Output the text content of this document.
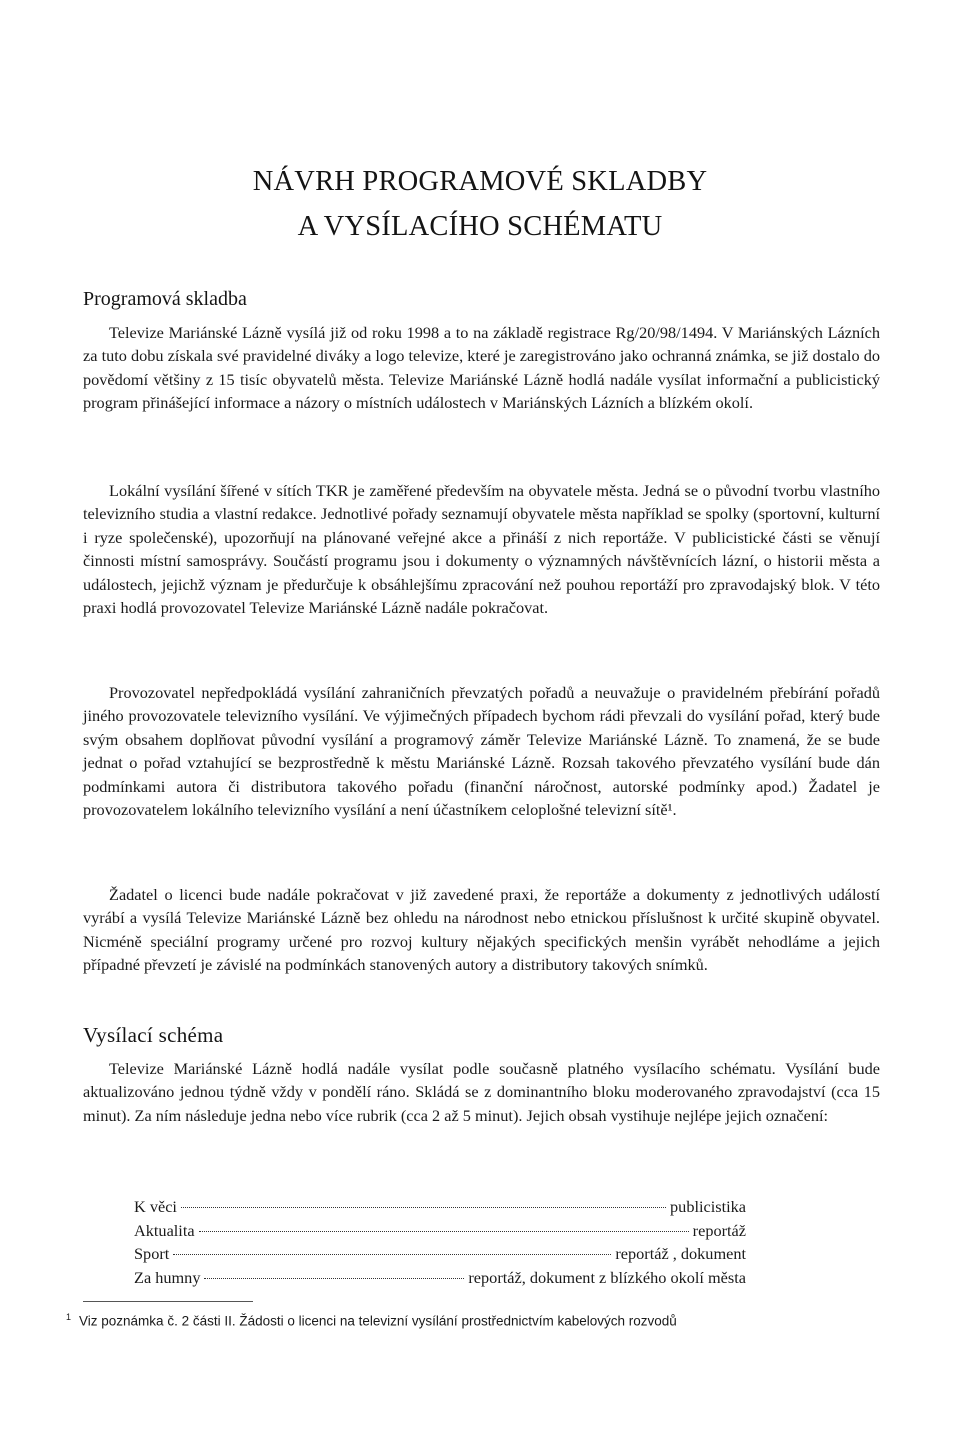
NÁVRH PROGRAMOVÉ SKLADBY
A VYSÍLACÍHO SCHÉMATU
Programová skladba

Televize Mariánské Lázně vysílá již od roku 1998 a to na základě registrace Rg/20/98/1494. V Mariánských Lázních za tuto dobu získala své pravidelné diváky a logo televize, které je zaregistrováno jako ochranná známka, se již dostalo do povědomí většiny z 15 tisíc obyvatelů města. Televize Mariánské Lázně hodlá nadále vysílat informační a publicistický program přinášející informace a názory o místních událostech v Mariánských Lázních a blízkém okolí.

Lokální vysílání šířené v sítích TKR je zaměřené především na obyvatele města. Jedná se o původní tvorbu vlastního televizního studia a vlastní redakce. Jednotlivé pořady seznamují obyvatele města například se spolky (sportovní, kulturní i ryze společenské), upozorňují na plánované veřejné akce a přináší z nich reportáže. V publicistické části se věnují činnosti místní samosprávy. Součástí programu jsou i dokumenty o významných návštěvnících lázní, o historii města a událostech, jejichž význam je předurčuje k obsáhlejšímu zpracování než pouhou reportáží pro zpravodajský blok. V této praxi hodlá provozovatel Televize Mariánské Lázně nadále pokračovat.

Provozovatel nepředpokládá vysílání zahraničních převzatých pořadů a neuvažuje o pravidelném přebírání pořadů jiného provozovatele televizního vysílání. Ve výjimečných případech bychom rádi převzali do vysílání pořad, který bude svým obsahem doplňovat původní vysílání a programový záměr Televize Mariánské Lázně. To znamená, že se bude jednat o pořad vztahující se bezprostředně k městu Mariánské Lázně. Rozsah takového převzatého vysílání bude dán podmínkami autora či distributora takového pořadu (finanční náročnost, autorské podmínky apod.) Žadatel je provozovatelem lokálního televizního vysílání a není účastníkem celoplošné televizní sítě¹.

Žadatel o licenci bude nadále pokračovat v již zavedené praxi, že reportáže a dokumenty z jednotlivých událostí vyrábí a vysílá Televize Mariánské Lázně bez ohledu na národnost nebo etnickou příslušnost k určité skupině obyvatel. Nicméně speciální programy určené pro rozvoj kultury nějakých specifických menšin vyrábět nehodláme a jejich případné převzetí je závislé na podmínkách stanovených autory a distributory takových snímků.

Vysílací schéma

Televize Mariánské Lázně hodlá nadále vysílat podle současně platného vysílacího schématu. Vysílání bude aktualizováno jednou týdně vždy v pondělí ráno. Skládá se z dominantního bloku moderovaného zpravodajství (cca 15 minut). Za ním následuje jedna nebo více rubrik (cca 2 až 5 minut). Jejich obsah vystihuje nejlépe jejich označení:

K věci	publicistika
Aktualita	reportáž
Sport	reportáž , dokument
Za humny	reportáž, dokument z blízkého okolí města
$^1$ Viz poznámka č. 2 části II. Žádosti o licenci na televizní vysílání prostřednictvím kabelových rozvodů
